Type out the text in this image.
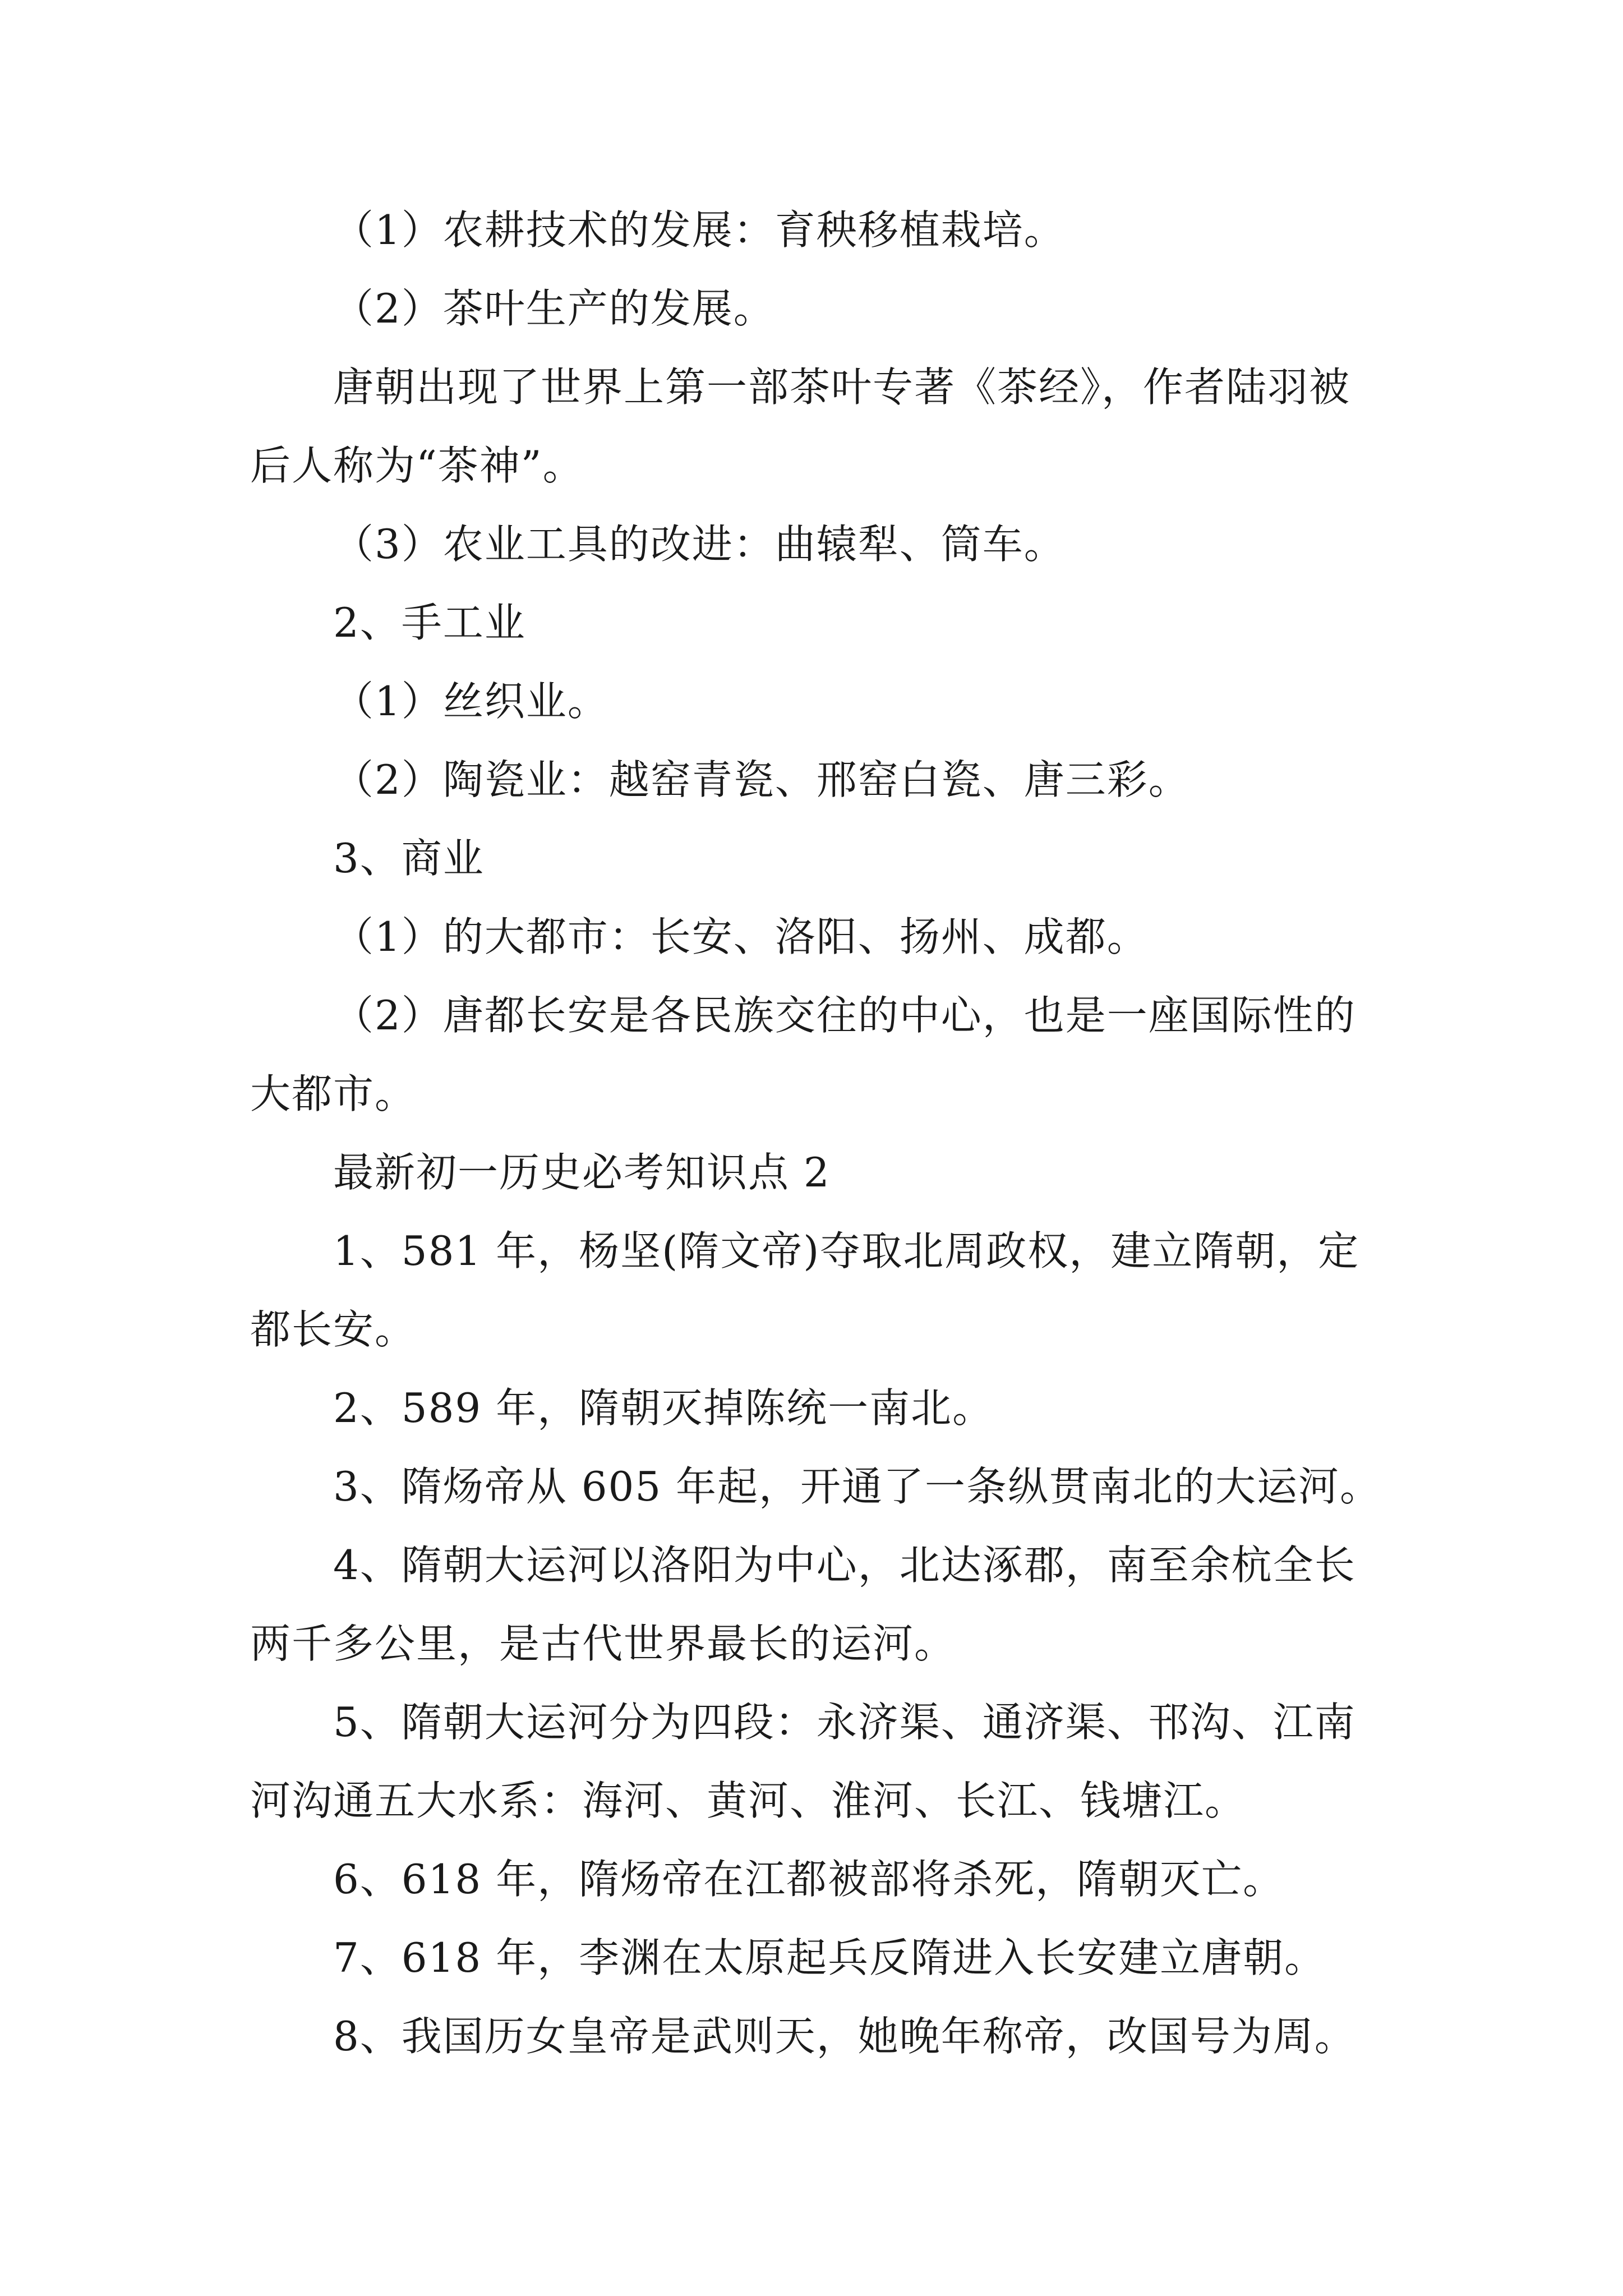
（1）农耕技术的发展：育秧移植栽培。

（2）茶叶生产的发展。

唐朝出现了世界上第一部茶叶专著《茶经》，作者陆羽被后人称为“茶神”。

（3）农业工具的改进：曲辕犁、筒车。

2、手工业

（1）丝织业。

（2）陶瓷业：越窑青瓷、邢窑白瓷、唐三彩。

3、商业

（1）的大都市：长安、洛阳、扬州、成都。

（2）唐都长安是各民族交往的中心，也是一座国际性的大都市。

最新初一历史必考知识点 2

1、581 年，杨坚(隋文帝)夺取北周政权，建立隋朝，定都长安。

2、589 年，隋朝灭掉陈统一南北。

3、隋炀帝从 605 年起，开通了一条纵贯南北的大运河。

4、隋朝大运河以洛阳为中心，北达涿郡，南至余杭全长两千多公里，是古代世界最长的运河。

5、隋朝大运河分为四段：永济渠、通济渠、邗沟、江南河沟通五大水系：海河、黄河、淮河、长江、钱塘江。

6、618 年，隋炀帝在江都被部将杀死，隋朝灭亡。

7、618 年，李渊在太原起兵反隋进入长安建立唐朝。

8、我国历女皇帝是武则天，她晚年称帝，改国号为周。
